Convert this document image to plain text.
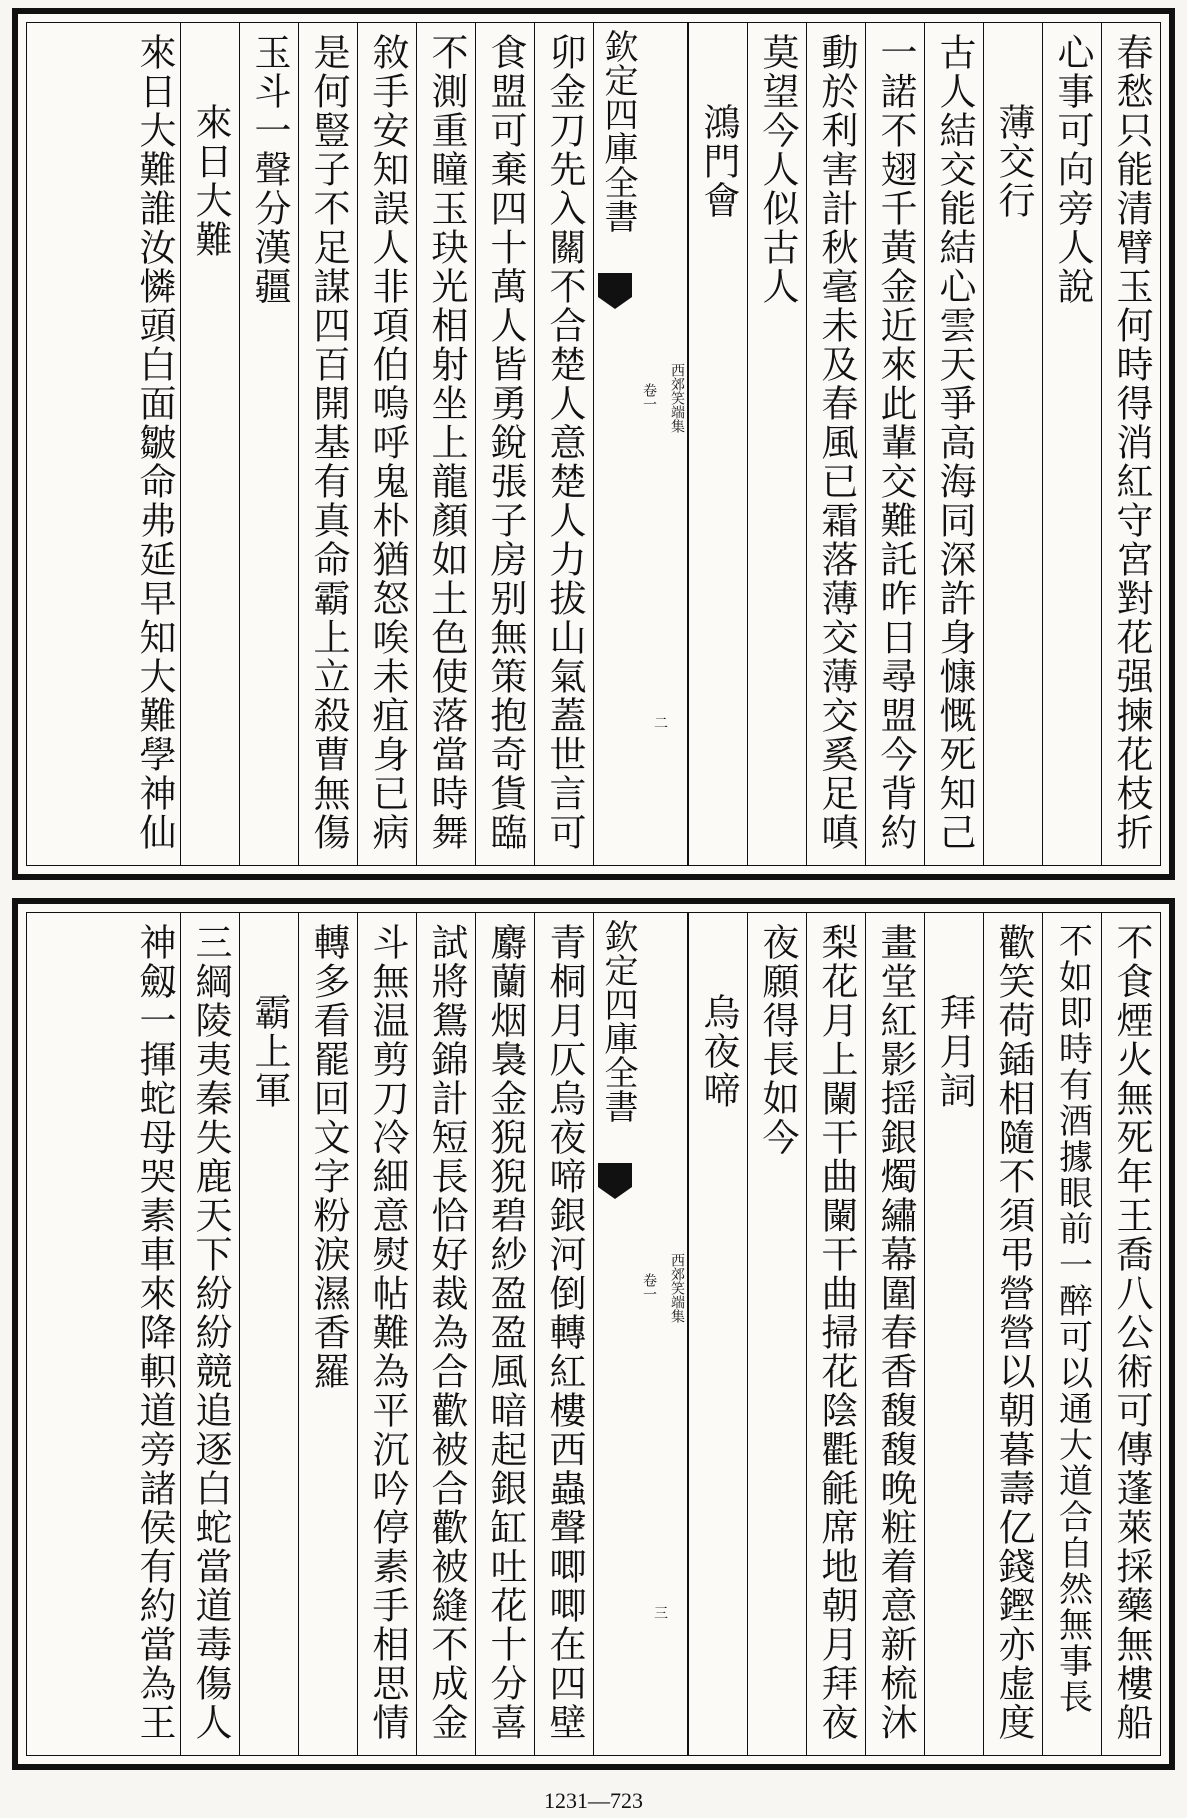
春愁只能清臂玉何時得消紅守宮對花强揀花枝折
心事可向旁人說
薄交行
古人結交能結心雲天爭高海同深許身慷慨死知己
一諾不翅千黃金近來此輩交難託昨日尋盟今背約
動於利害計秋毫未及春風已霜落薄交薄交奚足嗔
莫望今人似古人
鴻門會
欽定四庫全書
西郊笑端集
卷一
二
卯金刀先入關不合楚人意楚人力拔山氣蓋世言可
食盟可棄四十萬人皆勇銳張子房别無策抱奇貨臨
不測重瞳玉玦光相射坐上龍顏如土色使落當時舞
敘手安知誤人非項伯嗚呼鬼朴猶怒唉未疽身已病
是何豎子不足謀四百開基有真命霸上立殺曹無傷
玉斗一聲分漢疆
來日大難
來日大難誰汝憐頭白面皺命弗延早知大難學神仙
不食煙火無死年王喬八公術可傳蓬萊採藥無樓船
不如即時有酒據眼前一醉可以通大道合自然無事長
歡笑荷鍤相隨不須弔營營以朝暮壽亿錢鏗亦虚度
拜月詞
畫堂紅影揺銀燭繡幕圍春香馥馥晚粧着意新梳沐
梨花月上闌干曲闌干曲掃花陰氍毹席地朝月拜夜
夜願得長如今
烏夜啼
欽定四庫全書
西郊笑端集
卷一
三
青桐月仄烏夜啼銀河倒轉紅樓西蟲聲唧唧在四壁
麝蘭烟裊金猊猊碧紗盈盈風暗起銀缸吐花十分喜
試將鴛錦計短長恰好裁為合歡被合歡被縫不成金
斗無温剪刀冷細意熨帖難為平沉吟停素手相思情
轉多看罷回文字粉淚濕香羅
霸上軍
三綱陵夷秦失鹿天下紛紛競追逐白蛇當道毒傷人
神劔一揮蛇母哭素車來降軹道旁諸侯有約當為王
1231—723
